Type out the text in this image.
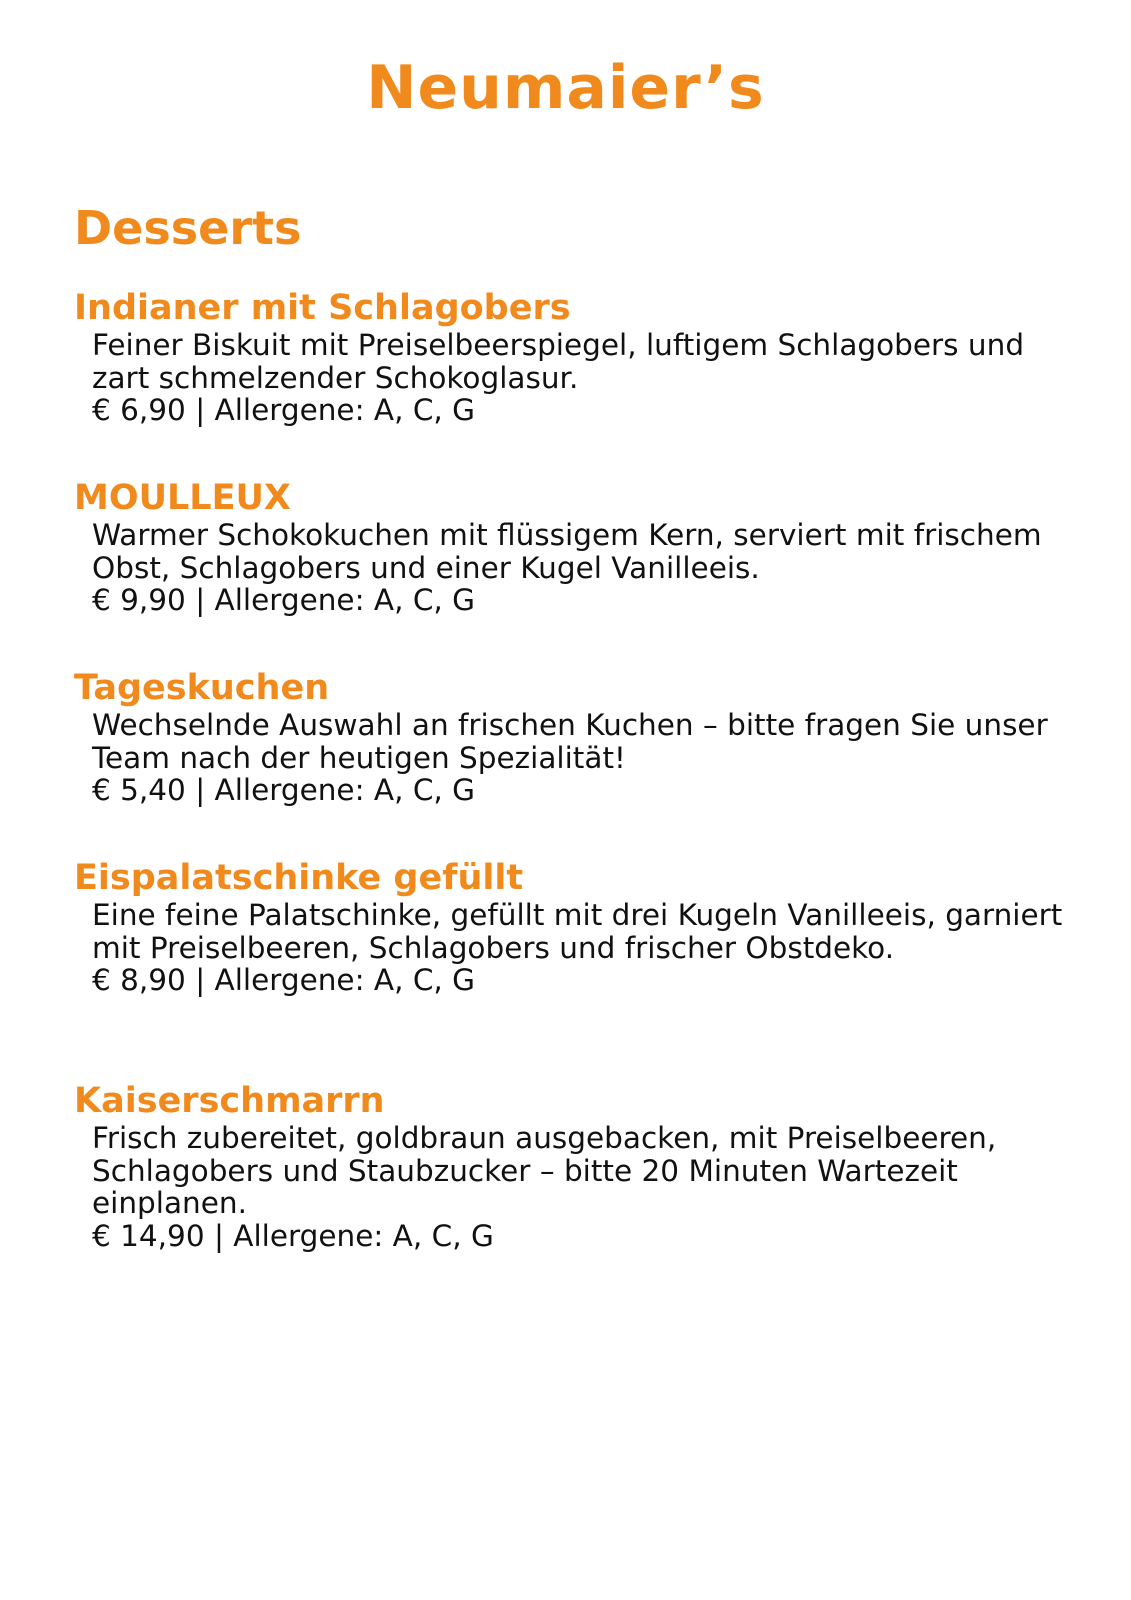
Neumaier’s
Desserts
Indianer mit Schlagobers

Feiner Biskuit mit Preiselbeerspiegel, luftigem Schlagobers und zart schmelzender Schokoglasur.

€ 6,90 | Allergene: A, C, G

MOULLEUX

Warmer Schokokuchen mit flüssigem Kern, serviert mit frischem Obst, Schlagobers und einer Kugel Vanilleeis.

€ 9,90 | Allergene: A, C, G

Tageskuchen

Wechselnde Auswahl an frischen Kuchen – bitte fragen Sie unser Team nach der heutigen Spezialität!

€ 5,40 | Allergene: A, C, G

Eispalatschinke gefüllt

Eine feine Palatschinke, gefüllt mit drei Kugeln Vanilleeis, garniert mit Preiselbeeren, Schlagobers und frischer Obstdeko.

€ 8,90 | Allergene: A, C, G

Kaiserschmarrn

Frisch zubereitet, goldbraun ausgebacken, mit Preiselbeeren, Schlagobers und Staubzucker – bitte 20 Minuten Wartezeit einplanen.

€ 14,90 | Allergene: A, C, G
